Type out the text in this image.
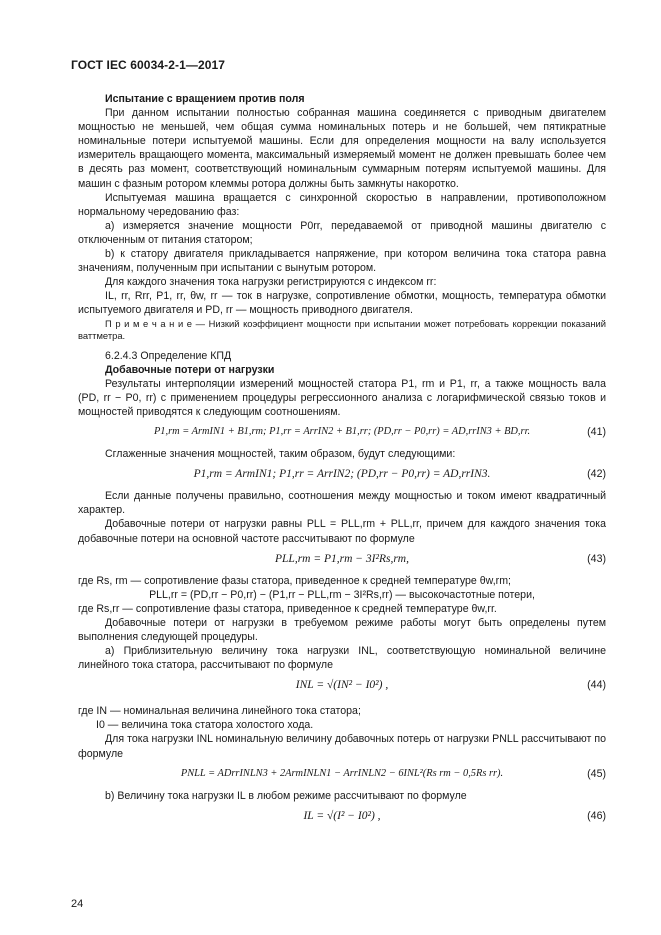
ГОСТ IEC 60034-2-1—2017

Испытание с вращением против поля

При данном испытании полностью собранная машина соединяется с приводным двигателем мощностью не меньшей, чем общая сумма номинальных потерь и не большей, чем пятикратные номинальные потери испытуемой машины. Если для определения мощности на валу используется измеритель вращающего момента, максимальный измеряемый момент не должен превышать более чем в десять раз момент, соответствующий номинальным суммарным потерям испытуемой машины. Для машин с фазным ротором клеммы ротора должны быть замкнуты накоротко.

Испытуемая машина вращается с синхронной скоростью в направлении, противоположном нормальному чередованию фаз:

а) измеряется значение мощности P0rr, передаваемой от приводной машины двигателю с отключенным от питания статором;

b) к статору двигателя прикладывается напряжение, при котором величина тока статора равна значениям, полученным при испытании с вынутым ротором.

Для каждого значения тока нагрузки регистрируются с индексом rr:

IL, rr, Rrr, P1, rr, θw, rr — ток в нагрузке, сопротивление обмотки, мощность, температура обмотки испытуемого двигателя и PD, rr — мощность приводного двигателя.

П р и м е ч а н и е — Низкий коэффициент мощности при испытании может потребовать коррекции показаний ваттметра.

6.2.4.3 Определение КПД

Добавочные потери от нагрузки

Результаты интерполяции измерений мощностей статора P1, rm и P1, rr, а также мощность вала (PD, rr − P0, rr) с применением процедуры регрессионного анализа с логарифмической связью токов и мощностей приводятся к следующим соотношениям.

P1,rm = ArmIN1 + B1,rm; P1,rr = ArrIN2 + B1,rr; (PD,rr − P0,rr) = AD,rrIN3 + BD,rr.	(41)

Сглаженные значения мощностей, таким образом, будут следующими:

P1,rm = ArmIN1; P1,rr = ArrIN2; (PD,rr − P0,rr) = AD,rrIN3.	(42)

Если данные получены правильно, соотношения между мощностью и током имеют квадратичный характер.

Добавочные потери от нагрузки равны PLL = PLL,rm + PLL,rr, причем для каждого значения тока добавочные потери на основной частоте рассчитывают по формуле

PLL,rm = P1,rm − 3I²Rs,rm,	(43)

где Rs, rm — сопротивление фазы статора, приведенное к средней температуре θw,rm;

PLL,rr = (PD,rr − P0,rr) − (P1,rr − PLL,rm − 3I²Rs,rr) — высокочастотные потери,

где Rs,rr — сопротивление фазы статора, приведенное к средней температуре θw,rr.

Добавочные потери от нагрузки в требуемом режиме работы могут быть определены путем выполнения следующей процедуры.

а) Приблизительную величину тока нагрузки INL, соответствующую номинальной величине линейного тока статора, рассчитывают по формуле

INL = √(IN² − I0²) ,	(44)

где IN — номинальная величина линейного тока статора;

I0 — величина тока статора холостого хода.

Для тока нагрузки INL номинальную величину добавочных потерь от нагрузки PNLL рассчитывают по формуле

PNLL = ADrrINLN3 + 2ArmINLN1 − ArrINLN2 − 6INL²(Rs rm − 0,5Rs rr).	(45)

b) Величину тока нагрузки IL в любом режиме рассчитывают по формуле

IL = √(I² − I0²) ,	(46)
24
